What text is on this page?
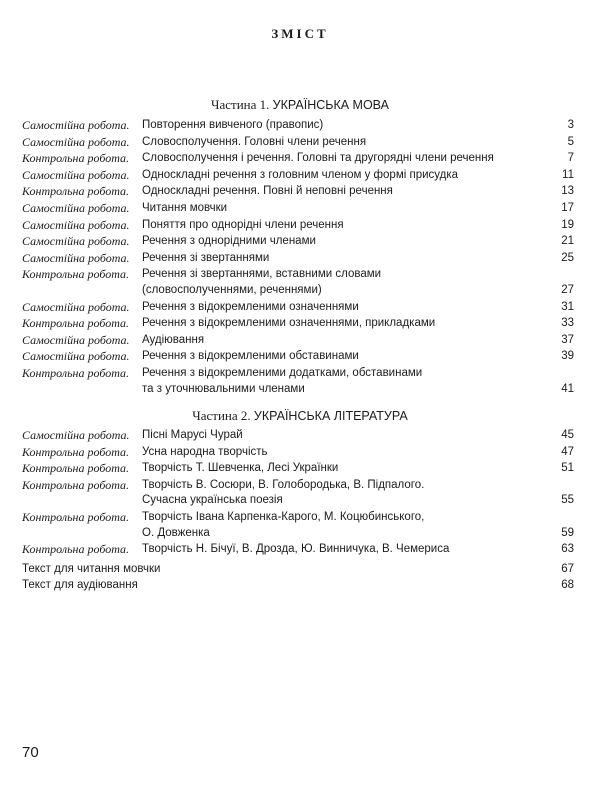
ЗМІСТ
Частина 1. УКРАЇНСЬКА МОВА
Самостійна робота.	Повторення вивченого (правопис)	3
Самостійна робота.	Словосполучення. Головні члени речення	5
Контрольна робота.	Словосполучення і речення. Головні та другорядні члени речення	7
Самостійна робота.	Односкладні речення з головним членом у формі присудка	11
Контрольна робота.	Односкладні речення. Повні й неповні речення	13
Самостійна робота.	Читання мовчки	17
Самостійна робота.	Поняття про однорідні члени речення	19
Самостійна робота.	Речення з однорідними членами	21
Самостійна робота.	Речення зі звертаннями	25
Контрольна робота.	Речення зі звертаннями, вставними словами
(словосполученнями, реченнями)	27
Самостійна робота.	Речення з відокремленими означеннями	31
Контрольна робота.	Речення з відокремленими означеннями, прикладками	33
Самостійна робота.	Аудіювання	37
Самостійна робота.	Речення з відокремленими обставинами	39
Контрольна робота.	Речення з відокремленими додатками, обставинами
та з уточнювальними членами	41
Частина 2. УКРАЇНСЬКА ЛІТЕРАТУРА
Самостійна робота.	Пісні Марусі Чурай	45
Контрольна робота.	Усна народна творчість	47
Контрольна робота.	Творчість Т. Шевченка, Лесі Українки	51
Контрольна робота.	Творчість В. Сосюри, В. Голобородька, В. Підпалого.
Сучасна українська поезія	55
Контрольна робота.	Творчість Івана Карпенка-Карого, М. Коцюбинського,
О. Довженка	59
Контрольна робота.	Творчість Н. Бічуї, В. Дрозда, Ю. Винничука, В. Чемериса	63
Текст для читання мовчки	67
Текст для аудіювання	68
70
